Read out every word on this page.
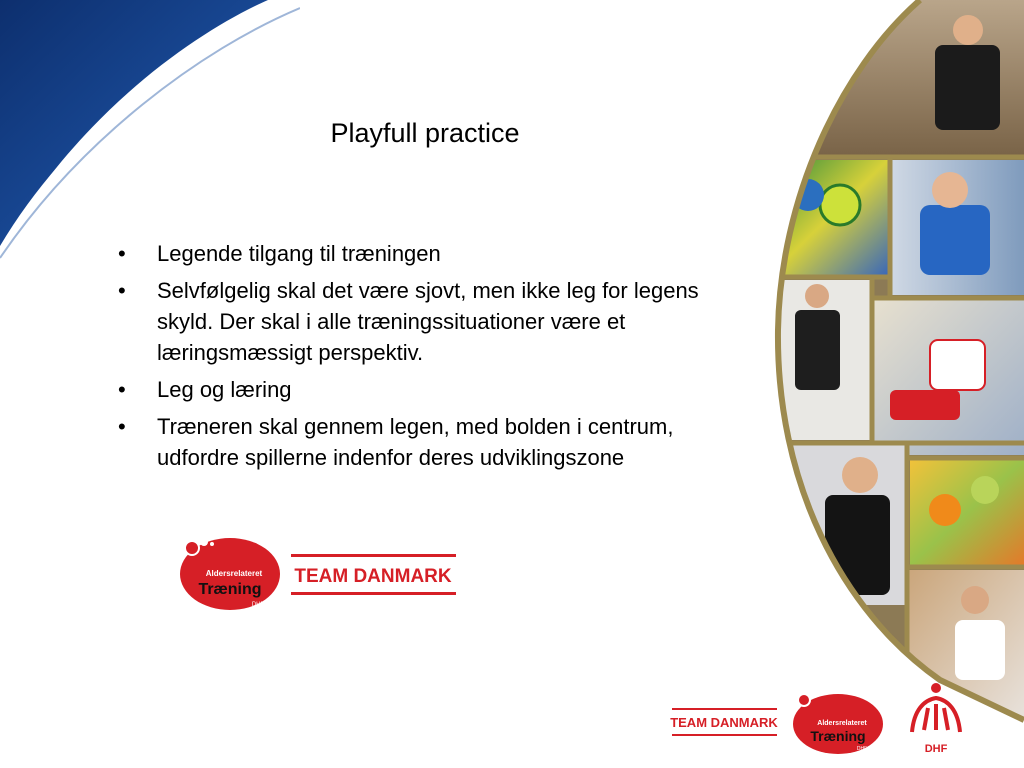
Playfull practice
• Legende tilgang til træningen
• Selvfølgelig skal det være sjovt, men ikke leg for legens skyld. Der skal i alle træningssituationer være et læringsmæssigt perspektiv.
• Leg og læring
• Træneren skal gennem legen, med bolden i centrum, udfordre spillerne indenfor deres udviklingszone
Aldersrelateret
Træning
DHF
TEAM DANMARK
TEAM DANMARK	Aldersrelateret
Træning
DHF	DHF
